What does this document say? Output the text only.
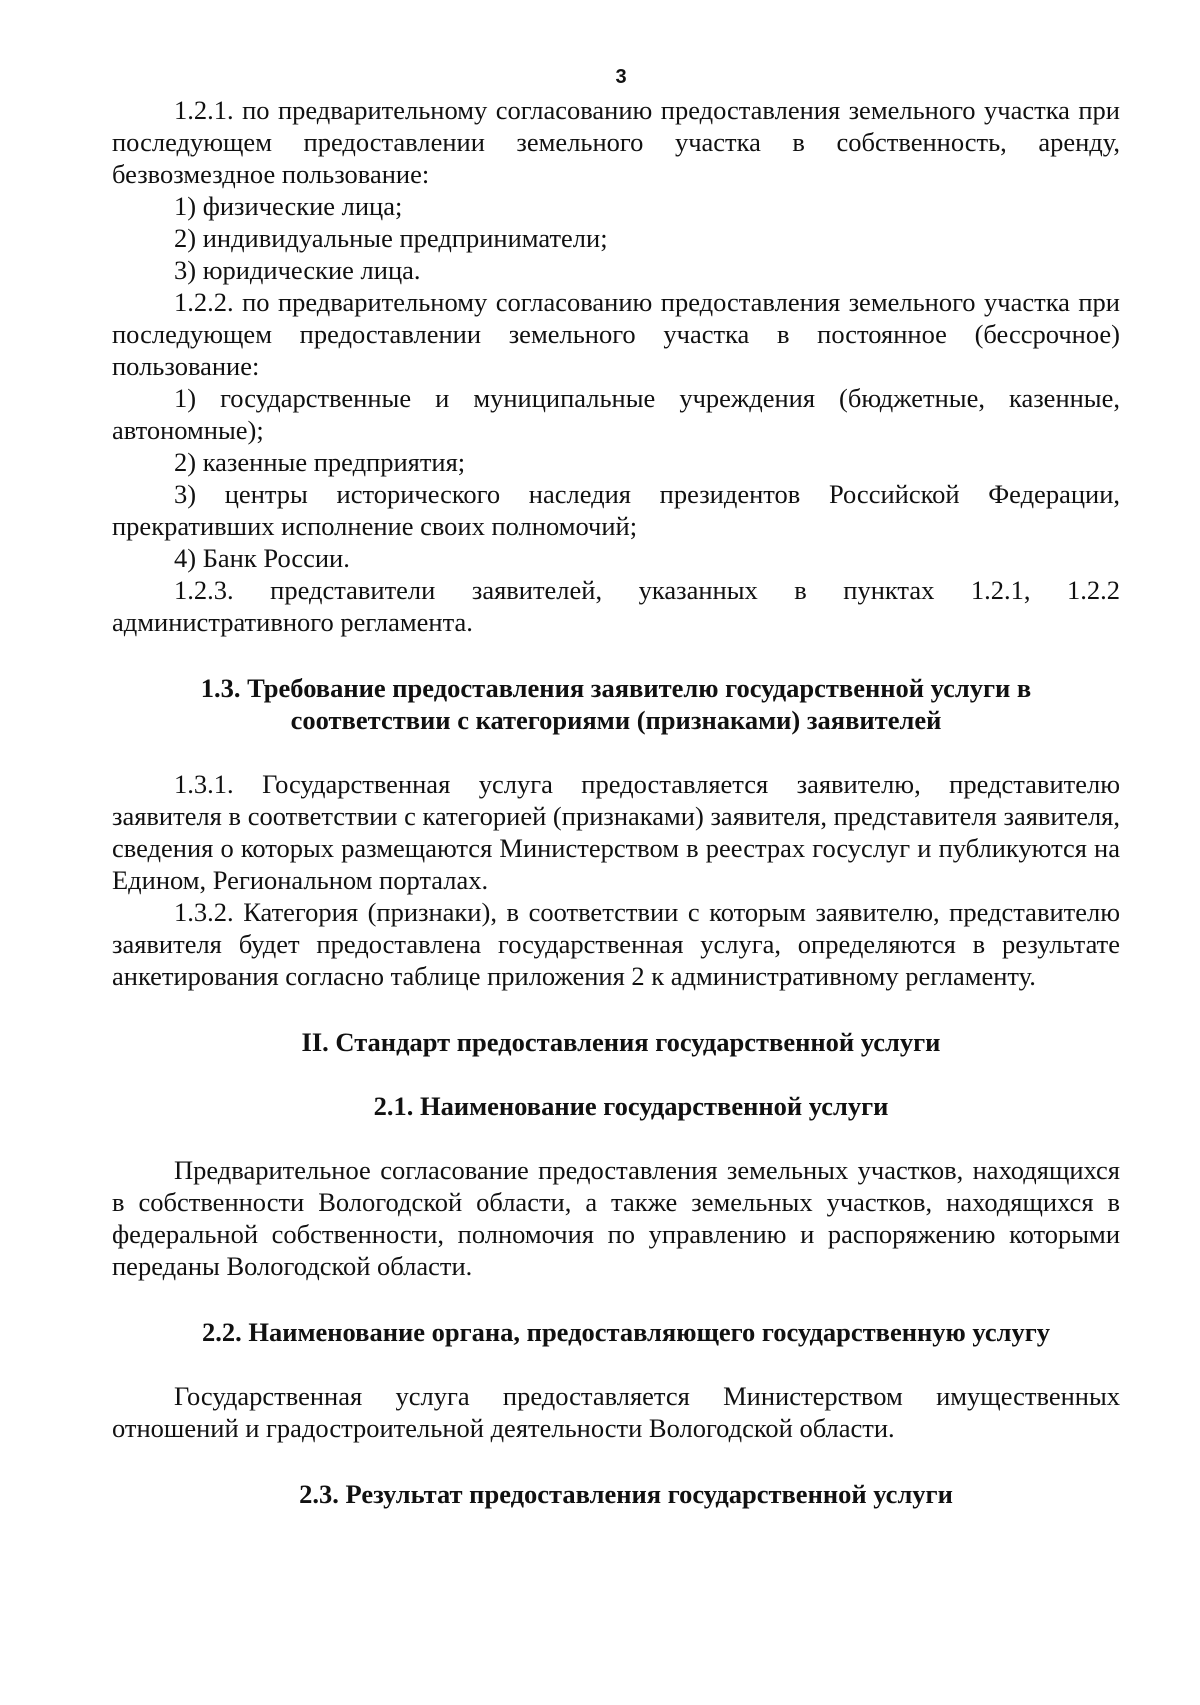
3

1.2.1. по предварительному согласованию предоставления земельного участка при последующем предоставлении земельного участка в собственность, аренду, безвозмездное пользование:

1) физические лица;

2) индивидуальные предприниматели;

3) юридические лица.

1.2.2. по предварительному согласованию предоставления земельного участка при последующем предоставлении земельного участка в постоянное (бессрочное) пользование:

1) государственные и муниципальные учреждения (бюджетные, казенные, автономные);

2) казенные предприятия;

3) центры исторического наследия президентов Российской Федерации, прекративших исполнение своих полномочий;

4) Банк России.

1.2.3. представители заявителей, указанных в пунктах 1.2.1, 1.2.2 административного регламента.

1.3. Требование предоставления заявителю государственной услуги в соответствии с категориями (признаками) заявителей

1.3.1. Государственная услуга предоставляется заявителю, представителю заявителя в соответствии с категорией (признаками) заявителя, представителя заявителя, сведения о которых размещаются Министерством в реестрах госуслуг и публикуются на Едином, Региональном порталах.

1.3.2. Категория (признаки), в соответствии с которым заявителю, представителю заявителя будет предоставлена государственная услуга, определяются в результате анкетирования согласно таблице приложения 2 к административному регламенту.

II. Стандарт предоставления государственной услуги
2.1. Наименование государственной услуги

Предварительное согласование предоставления земельных участков, находящихся в собственности Вологодской области, а также земельных участков, находящихся в федеральной собственности, полномочия по управлению и распоряжению которыми переданы Вологодской области.

2.2. Наименование органа, предоставляющего государственную услугу

Государственная услуга предоставляется Министерством имущественных отношений и градостроительной деятельности Вологодской области.

2.3. Результат предоставления государственной услуги
